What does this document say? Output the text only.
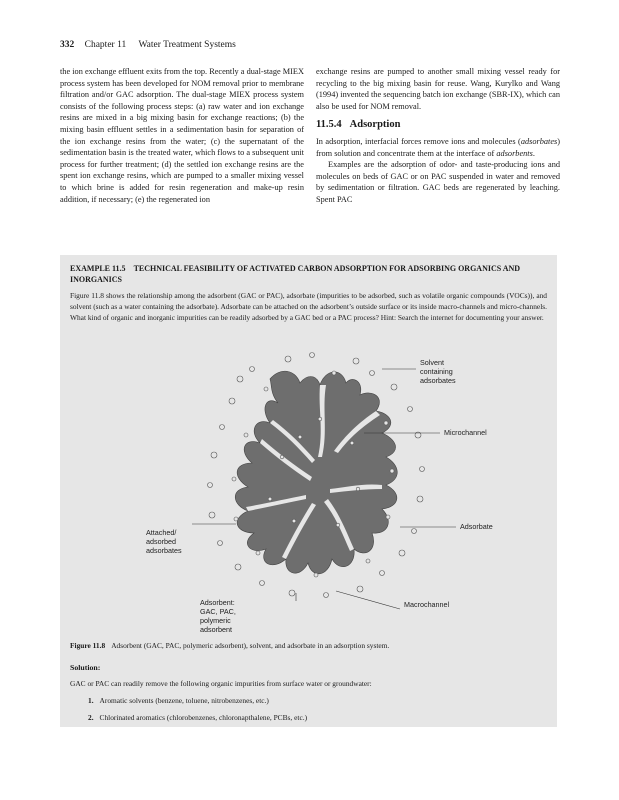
332 Chapter 11 Water Treatment Systems

the ion exchange effluent exits from the top. Recently a dual-stage MIEX process system has been developed for NOM removal prior to membrane filtration and/or GAC adsorption. The dual-stage MIEX process system consists of the following process steps: (a) raw water and ion exchange resins are mixed in a big mixing basin for exchange reactions; (b) the mixing basin effluent settles in a sedimentation basin for separation of the ion exchange resins from the water; (c) the supernatant of the sedimentation basin is the treated water, which flows to a subsequent unit process for further treatment; (d) the settled ion exchange resins are the spent ion exchange resins, which are pumped to a smaller mixing vessel to which brine is added for resin regeneration and make-up resin addition, if necessary; (e) the regenerated ion

exchange resins are pumped to another small mixing vessel ready for recycling to the big mixing basin for reuse. Wang, Kurylko and Wang (1994) invented the sequencing batch ion exchange (SBR-IX), which can also be used for NOM removal.

11.5.4 Adsorption

In adsorption, interfacial forces remove ions and molecules (adsorbates) from solution and concentrate them at the interface of adsorbents.

Examples are the adsorption of odor- and taste-producing ions and molecules on beds of GAC or on PAC suspended in water and removed by sedimentation or filtration. GAC beds are regenerated by leaching. Spent PAC

EXAMPLE 11.5 TECHNICAL FEASIBILITY OF ACTIVATED CARBON ADSORPTION FOR ADSORBING ORGANICS AND INORGANICS

Figure 11.8 shows the relationship among the adsorbent (GAC or PAC), adsorbate (impurities to be adsorbed, such as volatile organic compounds (VOCs)), and solvent (such as a water containing the adsorbate). Adsorbate can be attached on the adsorbent’s outside surface or its inside macro-channels and micro-channels. What kind of organic and inorganic impurities can be readily adsorbed by a GAC bed or a PAC process? Hint: Search the internet for documenting your answer.

Solvent
containing
adsorbates
Microchannel
Adsorbate
Attached/
adsorbed
adsorbates
Adsorbent:
GAC, PAC,
Macrochannel
polymeric
adsorbent
Figure 11.8 Adsorbent (GAC, PAC, polymeric adsorbent), solvent, and adsorbate in an adsorption system.
Solution:
GAC or PAC can readily remove the following organic impurities from surface water or groundwater:
1. Aromatic solvents (benzene, toluene, nitrobenzenes, etc.)
2. Chlorinated aromatics (chlorobenzenes, chloronapthalene, PCBs, etc.)
